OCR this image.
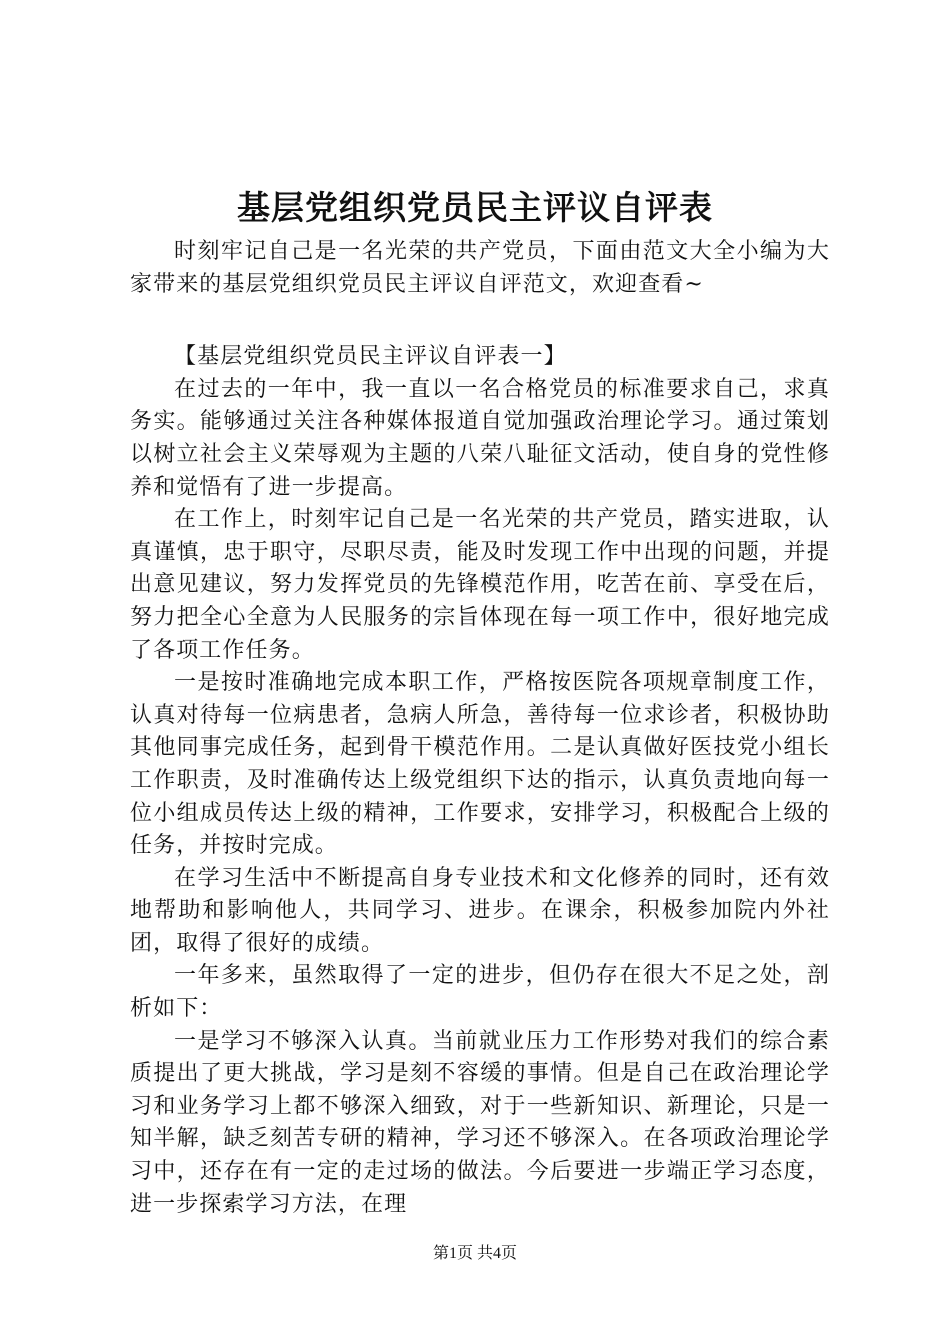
基层党组织党员民主评议自评表

时刻牢记自己是一名光荣的共产党员，下面由范文大全小编为大家带来的基层党组织党员民主评议自评范文，欢迎查看~

【基层党组织党员民主评议自评表一】

在过去的一年中，我一直以一名合格党员的标准要求自己，求真务实。能够通过关注各种媒体报道自觉加强政治理论学习。通过策划以树立社会主义荣辱观为主题的八荣八耻征文活动，使自身的党性修养和觉悟有了进一步提高。

在工作上，时刻牢记自己是一名光荣的共产党员，踏实进取，认真谨慎，忠于职守，尽职尽责，能及时发现工作中出现的问题，并提出意见建议，努力发挥党员的先锋模范作用，吃苦在前、享受在后，努力把全心全意为人民服务的宗旨体现在每一项工作中，很好地完成了各项工作任务。

一是按时准确地完成本职工作，严格按医院各项规章制度工作，认真对待每一位病患者，急病人所急，善待每一位求诊者，积极协助其他同事完成任务，起到骨干模范作用。二是认真做好医技党小组长工作职责，及时准确传达上级党组织下达的指示，认真负责地向每一位小组成员传达上级的精神，工作要求，安排学习，积极配合上级的任务，并按时完成。

在学习生活中不断提高自身专业技术和文化修养的同时，还有效地帮助和影响他人，共同学习、进步。在课余，积极参加院内外社团，取得了很好的成绩。

一年多来，虽然取得了一定的进步，但仍存在很大不足之处，剖析如下：

一是学习不够深入认真。当前就业压力工作形势对我们的综合素质提出了更大挑战，学习是刻不容缓的事情。但是自己在政治理论学习和业务学习上都不够深入细致，对于一些新知识、新理论，只是一知半解，缺乏刻苦专研的精神，学习还不够深入。在各项政治理论学习中，还存在有一定的走过场的做法。今后要进一步端正学习态度，进一步探索学习方法，在理

第1页 共4页
